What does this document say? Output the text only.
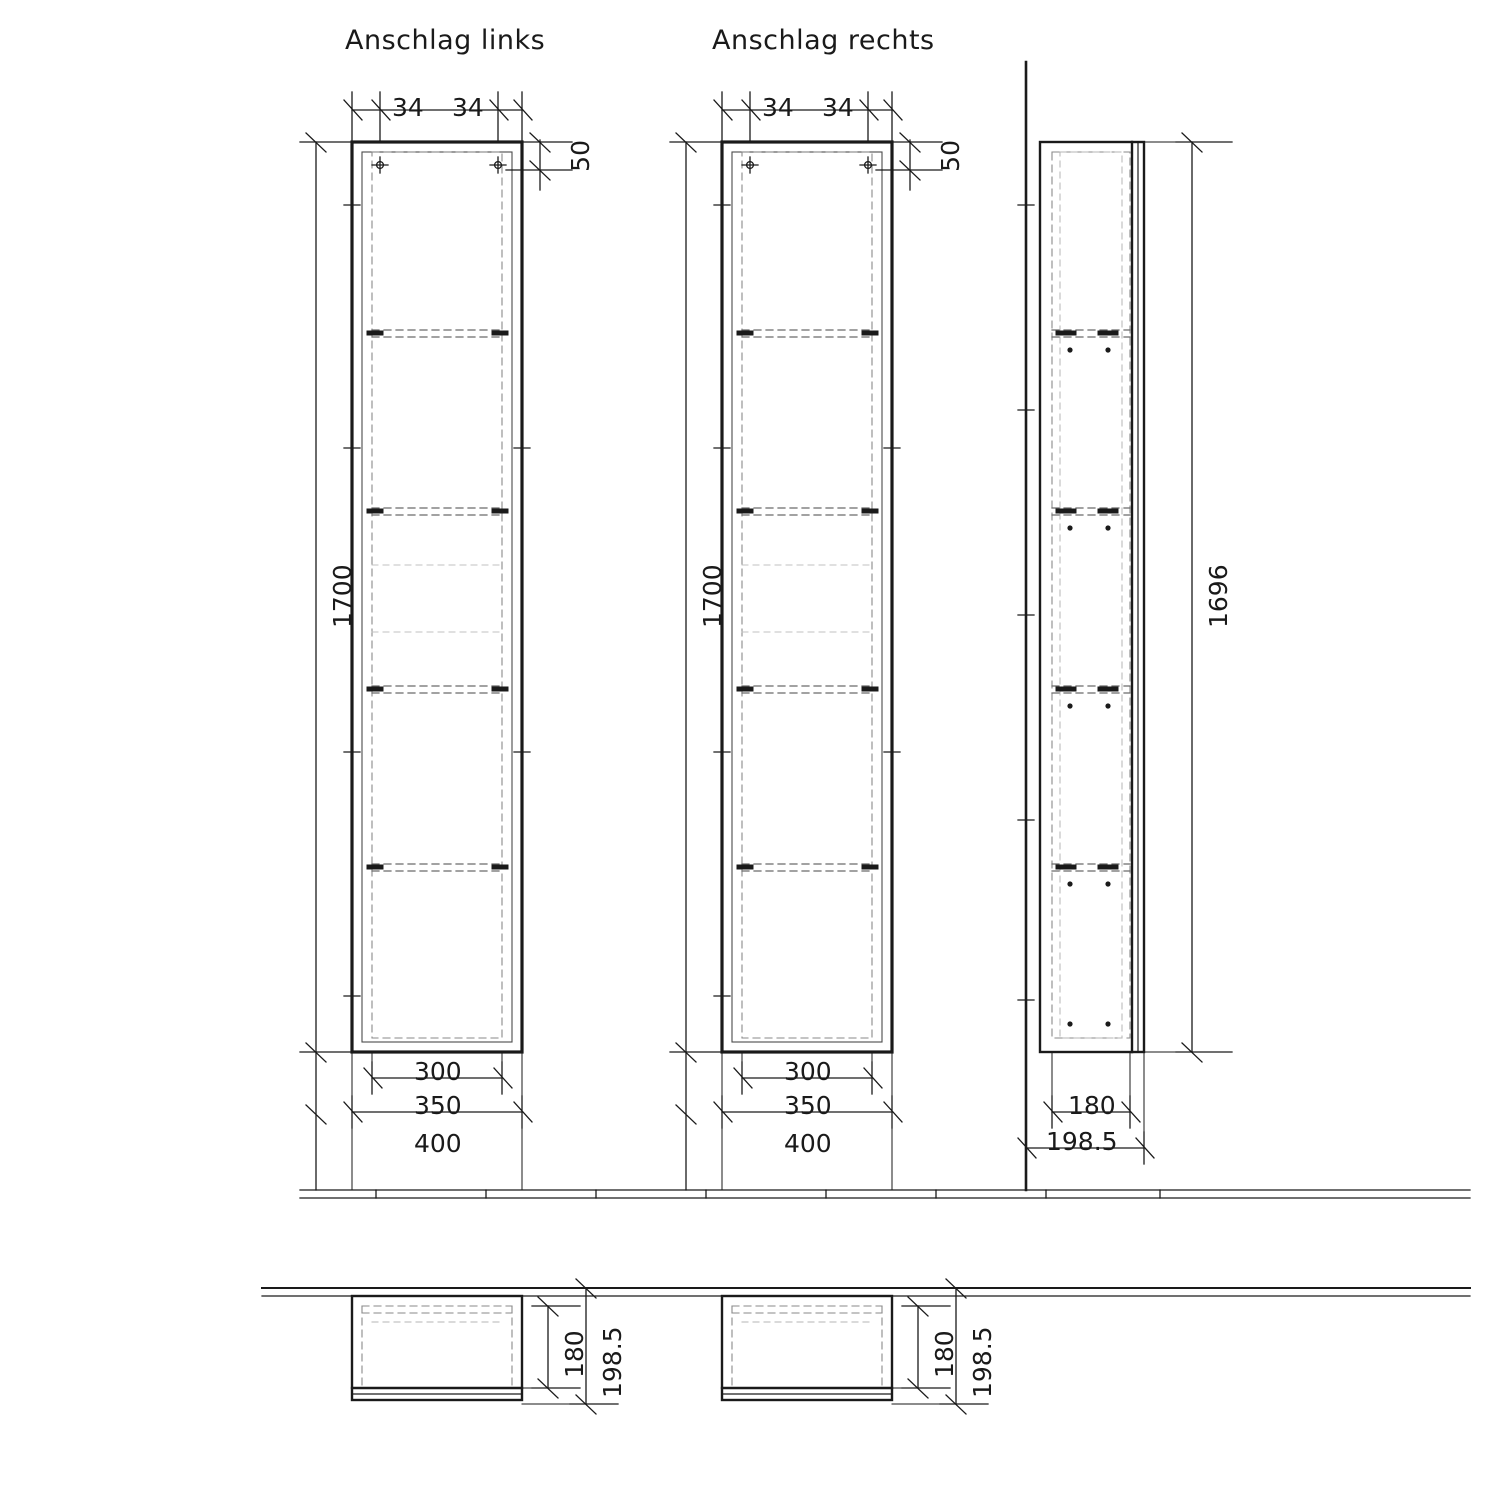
Anschlag links	Anschlag rechts
34 34
50
1700
300
350
400
34 34
50
1700
300
350
400
1696
180
198.5
180 198.5	180 198.5
